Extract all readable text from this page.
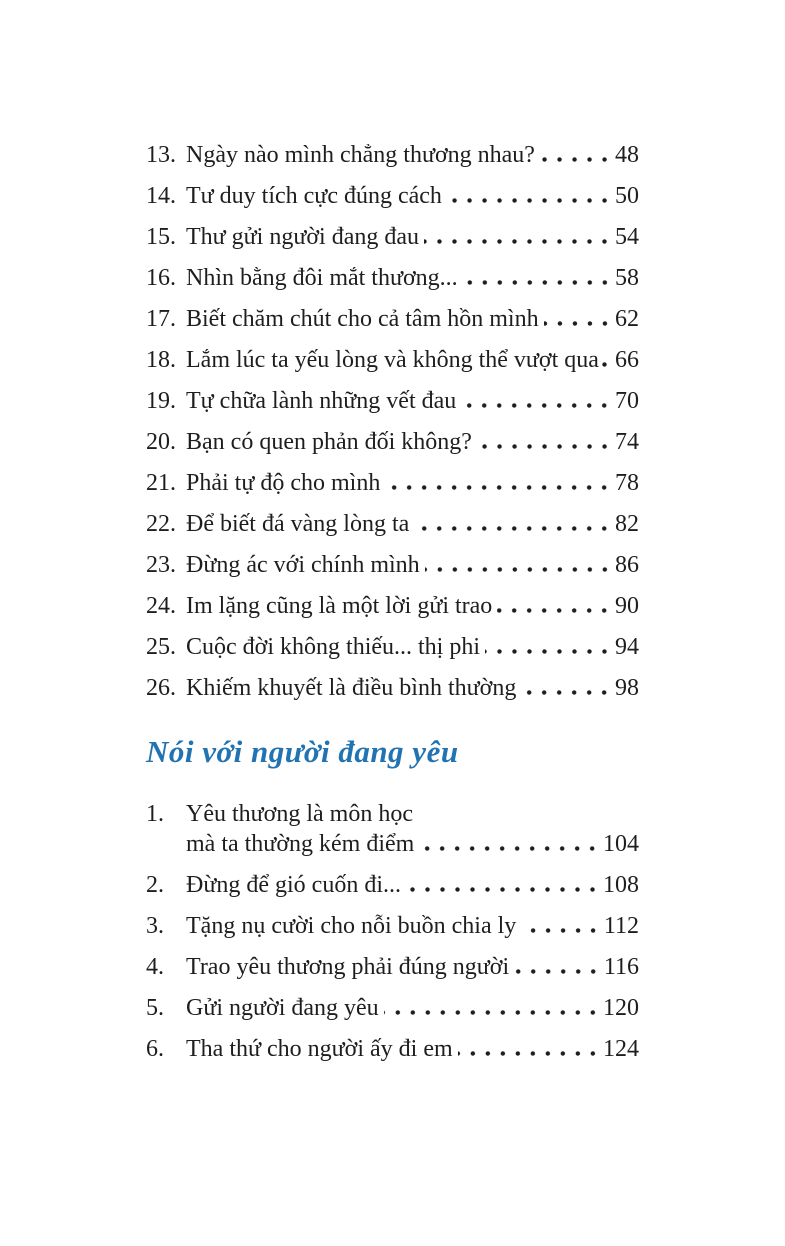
13. Ngày nào mình chẳng thương nhau?	48
14. Tư duy tích cực đúng cách	50
15. Thư gửi người đang đau	54
16. Nhìn bằng đôi mắt thương...	58
17. Biết chăm chút cho cả tâm hồn mình	62
18. Lắm lúc ta yếu lòng và không thể vượt qua 66
19. Tự chữa lành những vết đau	70
20. Bạn có quen phản đối không?	74
21. Phải tự độ cho mình	78
22. Để biết đá vàng lòng ta	82
23. Đừng ác với chính mình	86
24. Im lặng cũng là một lời gửi trao	90
25. Cuộc đời không thiếu... thị phi	94
26. Khiếm khuyết là điều bình thường	98
Nói với người đang yêu
1. Yêu thương là môn học
mà ta thường kém điểm	104
2. Đừng để gió cuốn đi...	108
3. Tặng nụ cười cho nỗi buồn chia ly	112
4. Trao yêu thương phải đúng người	116
5. Gửi người đang yêu	120
6. Tha thứ cho người ấy đi em	124
